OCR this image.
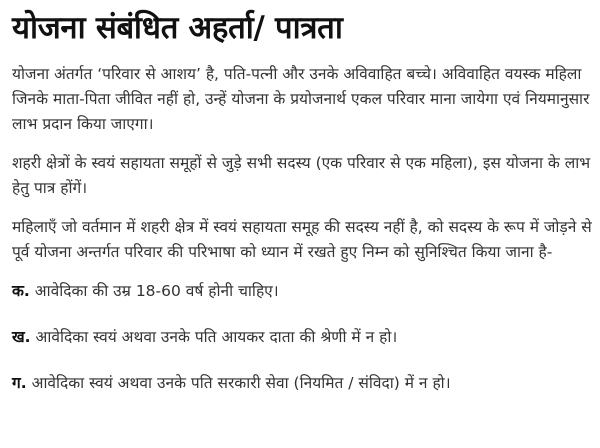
योजना संबंधित अहर्ता/ पात्रता

योजना अंतर्गत ‘परिवार से आशय’ है, पति-पत्नी और उनके अविवाहित बच्चे। अविवाहित वयस्क महिला जिनके माता-पिता जीवित नहीं हो, उन्हें योजना के प्रयोजनार्थ एकल परिवार माना जायेगा एवं नियमानुसार लाभ प्रदान किया जाएगा।

शहरी क्षेत्रों के स्वयं सहायता समूहों से जुड़े सभी सदस्य (एक परिवार से एक महिला), इस योजना के लाभ हेतु पात्र होंगें।

महिलाएँ जो वर्तमान में शहरी क्षेत्र में स्वयं सहायता समूह की सदस्य नहीं है, को सदस्य के रूप में जोड़ने से पूर्व योजना अन्तर्गत परिवार की परिभाषा को ध्यान में रखते हुए निम्न को सुनिश्चित किया जाना है-

क. आवेदिका की उम्र 18-60 वर्ष होनी चाहिए।

ख. आवेदिका स्वयं अथवा उनके पति आयकर दाता की श्रेणी में न हो।

ग. आवेदिका स्वयं अथवा उनके पति सरकारी सेवा (नियमित / संविदा) में न हो।
